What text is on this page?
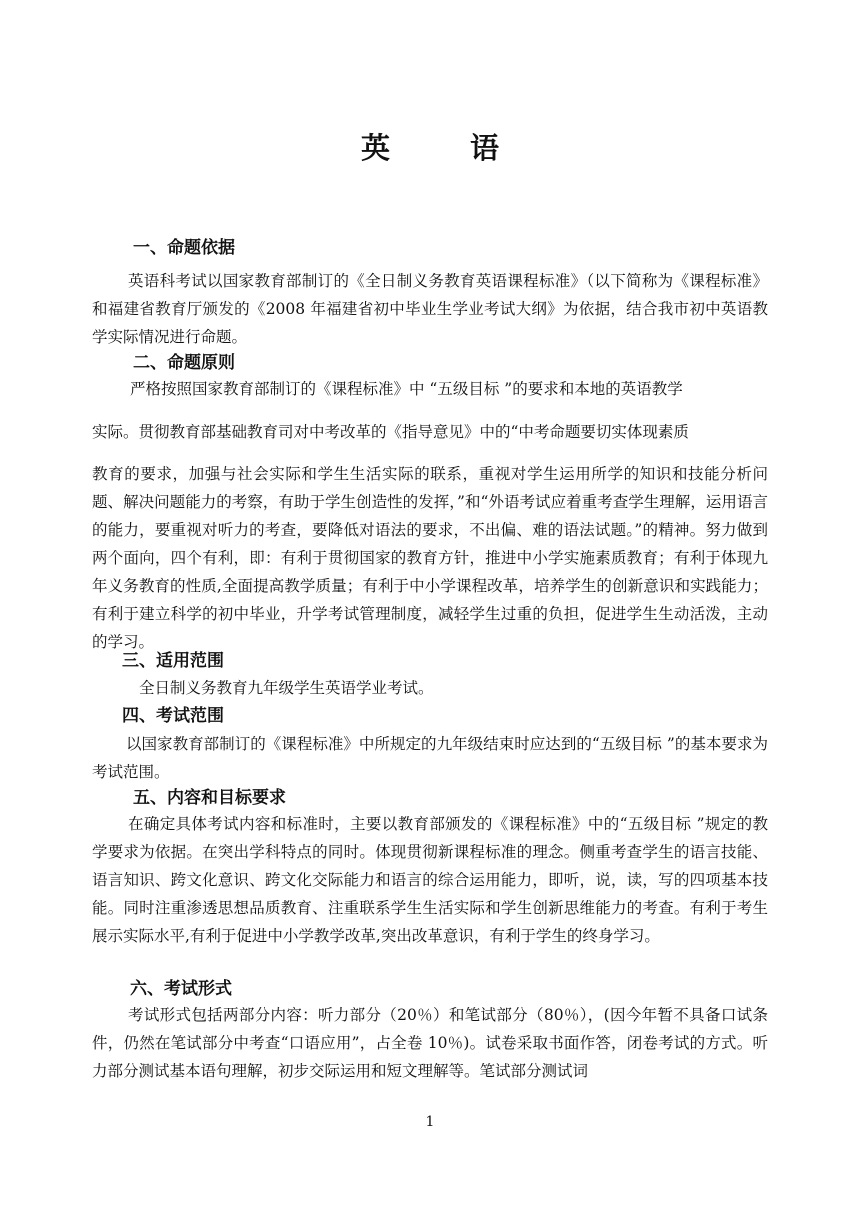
英	语
一、命题依据
英语科考试以国家教育部制订的《全日制义务教育英语课程标准》（以下简称为《课程标准》和福建省教育厅颁发的《2008 年福建省初中毕业生学业考试大纲》为依据，结合我市初中英语教学实际情况进行命题。
二、命题原则
严格按照国家教育部制订的《课程标准》中 “五级目标 ”的要求和本地的英语教学
实际。贯彻教育部基础教育司对中考改革的《指导意见》中的“中考命题要切实体现素质
教育的要求，加强与社会实际和学生生活实际的联系，重视对学生运用所学的知识和技能分析问题、解决问题能力的考察，有助于学生创造性的发挥，”和“外语考试应着重考查学生理解，运用语言的能力，要重视对听力的考查，要降低对语法的要求，不出偏、难的语法试题。”的精神。努力做到两个面向，四个有利，即：有利于贯彻国家的教育方针，推进中小学实施素质教育；有利于体现九年义务教育的性质,全面提高教学质量；有利于中小学课程改革，培养学生的创新意识和实践能力；有利于建立科学的初中毕业，升学考试管理制度，减轻学生过重的负担，促进学生生动活泼，主动的学习。
三、适用范围
全日制义务教育九年级学生英语学业考试。
四、考试范围
以国家教育部制订的《课程标准》中所规定的九年级结束时应达到的“五级目标 ”的基本要求为考试范围。
五、内容和目标要求
在确定具体考试内容和标准时，主要以教育部颁发的《课程标准》中的“五级目标 ”规定的教学要求为依据。在突出学科特点的同时。体现贯彻新课程标准的理念。侧重考查学生的语言技能、语言知识、跨文化意识、跨文化交际能力和语言的综合运用能力，即听，说，读，写的四项基本技能。同时注重渗透思想品质教育、注重联系学生生活实际和学生创新思维能力的考查。有利于考生展示实际水平,有利于促进中小学教学改革,突出改革意识，有利于学生的终身学习。
六、考试形式
考试形式包括两部分内容：听力部分（20％）和笔试部分（80％），(因今年暂不具备口试条件，仍然在笔试部分中考查“口语应用”，占全卷 10％)。试卷采取书面作答，闭卷考试的方式。听力部分测试基本语句理解，初步交际运用和短文理解等。笔试部分测试词
1
